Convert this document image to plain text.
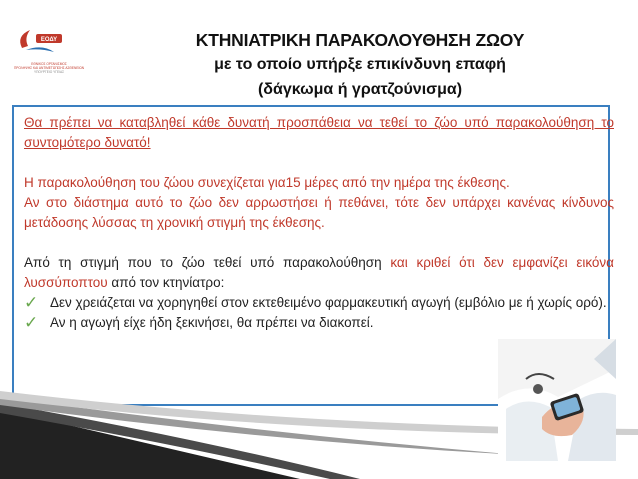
ΕΟΔΥ
ΕΘΝΙΚΟΣ ΟΡΓΑΝΙΣΜΟΣ
ΠΡΟΛΗΨΗΣ ΚΑΙ ΑΝΤΙΜΕΤΩΠΙΣΗΣ ΑΣΘΕΝΕΙΩΝ
ΥΠΟΥΡΓΕΙΟ ΥΓΕΙΑΣ
ΚΤΗΝΙΑΤΡΙΚΗ ΠΑΡΑΚΟΛΟΥΘΗΣΗ ΖΩΟΥ
με το οποίο υπήρξε επικίνδυνη επαφή
(δάγκωμα ή γρατζούνισμα)
Θα πρέπει να καταβληθεί κάθε δυνατή προσπάθεια να τεθεί το ζώο υπό παρακολούθηση το συντομότερο δυνατό!
Η παρακολούθηση του ζώου συνεχίζεται για15 μέρες από την ημέρα της έκθεσης.
Αν στο διάστημα αυτό το ζώο δεν αρρωστήσει ή πεθάνει, τότε δεν υπάρχει κανένας κίνδυνος μετάδοσης λύσσας τη χρονική στιγμή της έκθεσης.
Από τη στιγμή που το ζώο τεθεί υπό παρακολούθηση και κριθεί ότι δεν εμφανίζει εικόνα λυσσύποπτου από τον κτηνίατρο:
✓ Δεν χρειάζεται να χορηγηθεί στον εκτεθειμένο φαρμακευτική αγωγή (εμβόλιο με ή χωρίς ορό).
✓ Αν η αγωγή είχε ήδη ξεκινήσει, θα πρέπει να διακοπεί.
